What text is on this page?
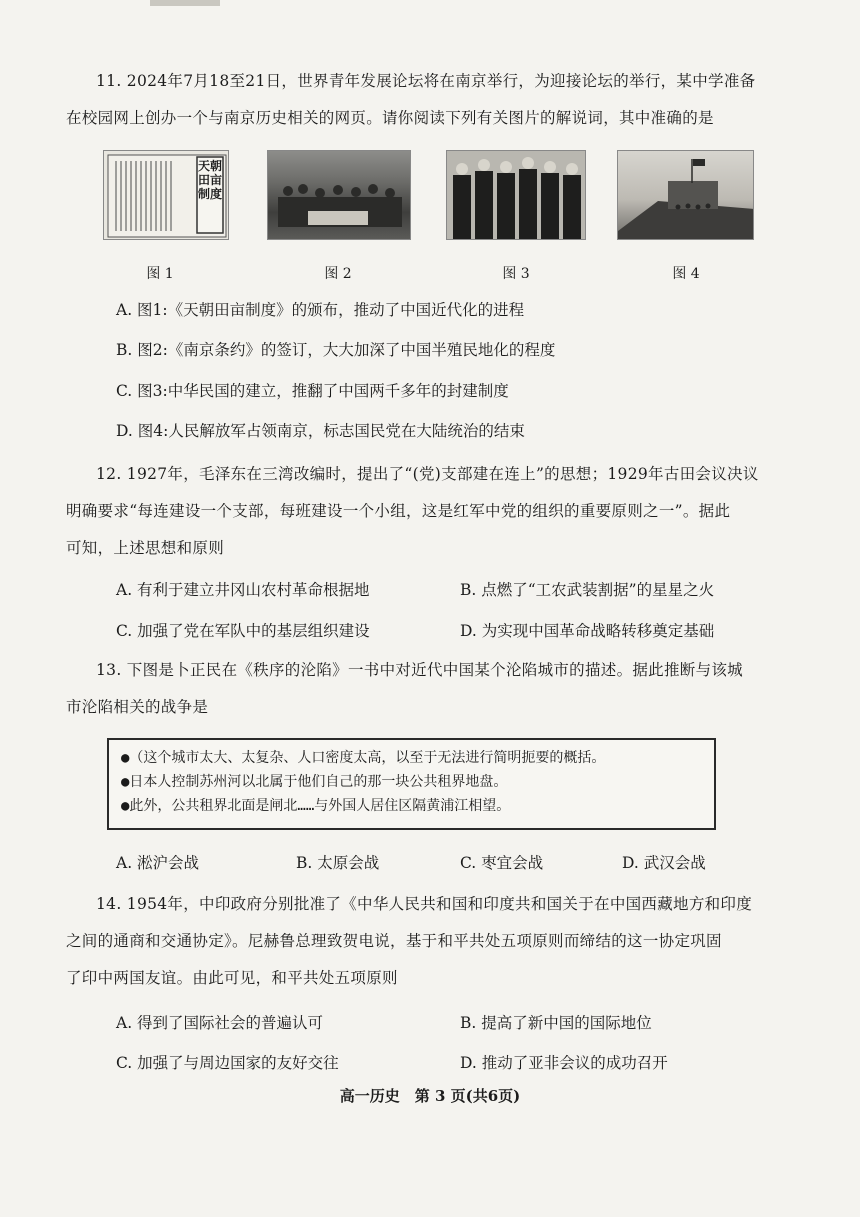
11. 2024年7月18至21日，世界青年发展论坛将在南京举行，为迎接论坛的举行，某中学准备
在校园网上创办一个与南京历史相关的网页。请你阅读下列有关图片的解说词，其中准确的是

天朝田亩制度
图 1	图 2	图 3	图 4
A. 图1:《天朝田亩制度》的颁布，推动了中国近代化的进程
B. 图2:《南京条约》的签订，大大加深了中国半殖民地化的程度
C. 图3:中华民国的建立，推翻了中国两千多年的封建制度
D. 图4:人民解放军占领南京，标志国民党在大陆统治的结束

12. 1927年，毛泽东在三湾改编时，提出了“(党)支部建在连上”的思想；1929年古田会议决议
明确要求“每连建设一个支部，每班建设一个小组，这是红军中党的组织的重要原则之一”。据此
可知，上述思想和原则

A. 有利于建立井冈山农村革命根据地	B. 点燃了“工农武装割据”的星星之火
C. 加强了党在军队中的基层组织建设	D. 为实现中国革命战略转移奠定基础

13. 下图是卜正民在《秩序的沦陷》一书中对近代中国某个沦陷城市的描述。据此推断与该城
市沦陷相关的战争是

●（这个城市太大、太复杂、人口密度太高，以至于无法进行简明扼要的概括。
●日本人控制苏州河以北属于他们自己的那一块公共租界地盘。
●此外，公共租界北面是闸北……与外国人居住区隔黄浦江相望。
A. 淞沪会战	B. 太原会战	C. 枣宜会战	D. 武汉会战

14. 1954年，中印政府分别批准了《中华人民共和国和印度共和国关于在中国西藏地方和印度
之间的通商和交通协定》。尼赫鲁总理致贺电说，基于和平共处五项原则而缔结的这一协定巩固
了印中两国友谊。由此可见，和平共处五项原则

A. 得到了国际社会的普遍认可	B. 提高了新中国的国际地位
C. 加强了与周边国家的友好交往	D. 推动了亚非会议的成功召开
高一历史　第 3 页(共6页)
